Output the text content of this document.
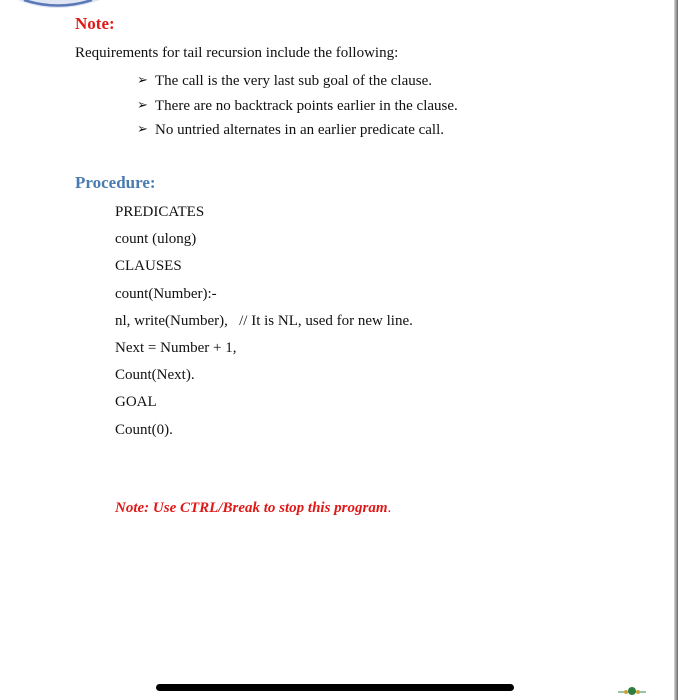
Note:

Requirements for tail recursion include the following:

➢ The call is the very last sub goal of the clause.
➢ There are no backtrack points earlier in the clause.
➢ No untried alternates in an earlier predicate call.

Procedure:

PREDICATES
count (ulong)
CLAUSES
count(Number):-
nl, write(Number),   // It is NL, used for new line.
Next = Number + 1,
Count(Next).
GOAL
Count(0).

Note: Use CTRL/Break to stop this program.
